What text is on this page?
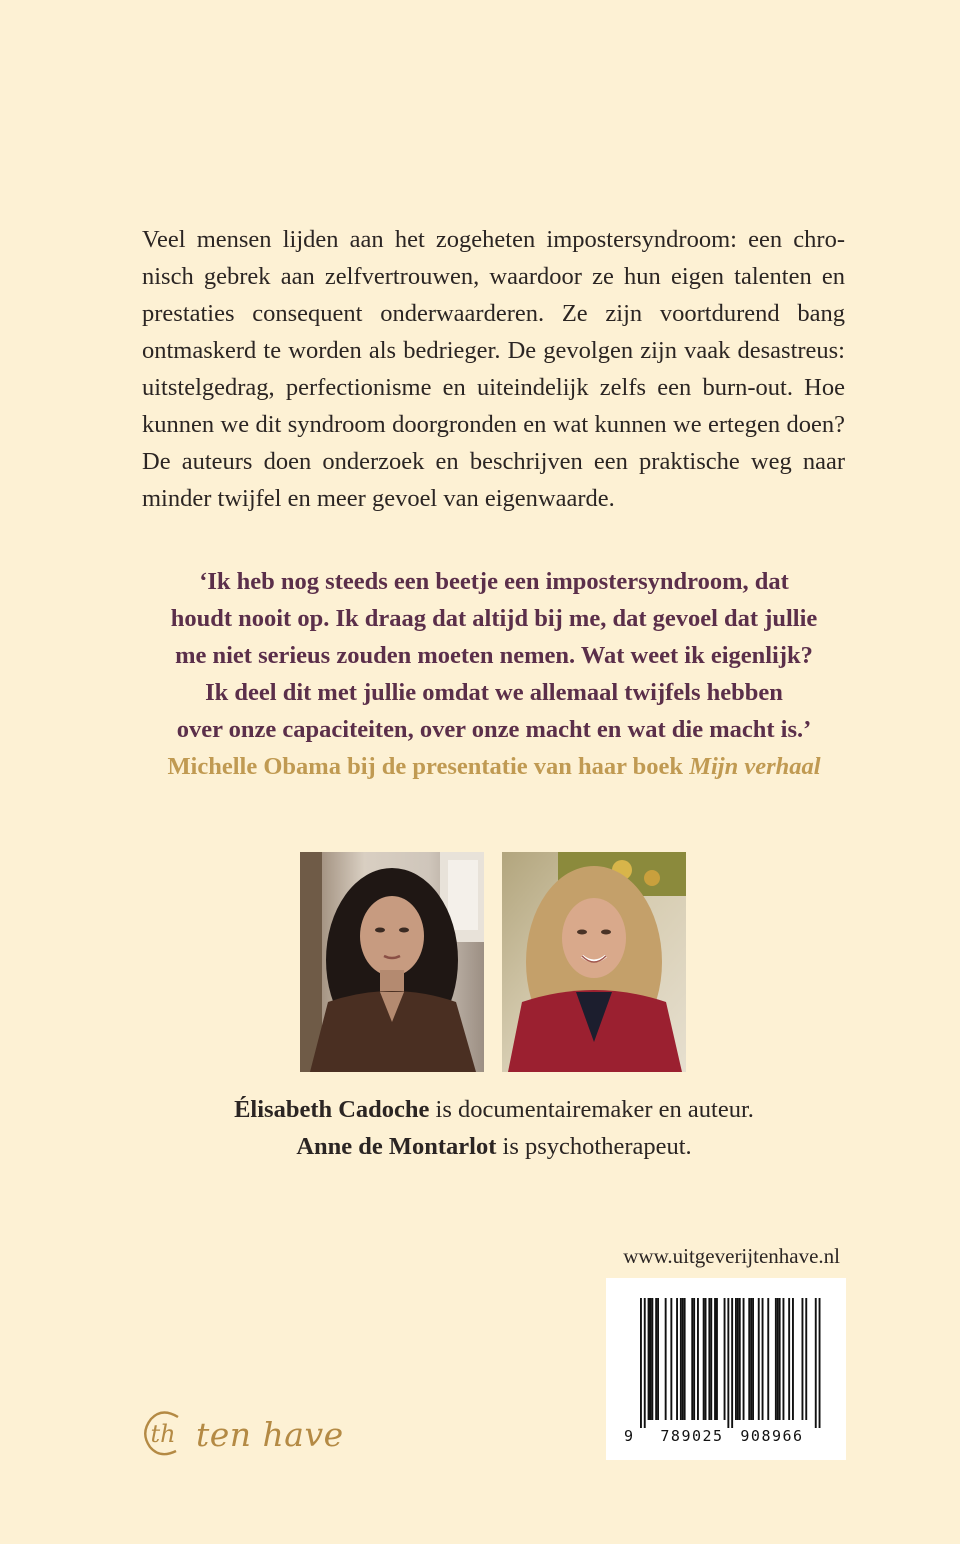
Veel mensen lijden aan het zogeheten impostersyndroom: een chronisch gebrek aan zelfvertrouwen, waardoor ze hun eigen talenten en prestaties consequent onderwaarderen. Ze zijn voortdurend bang ontmaskerd te worden als bedrieger. De gevolgen zijn vaak desastreus: uitstelgedrag, perfectionisme en uiteindelijk zelfs een burn-out. Hoe kunnen we dit syndroom doorgronden en wat kunnen we ertegen doen? De auteurs doen onderzoek en beschrijven een praktische weg naar minder twijfel en meer gevoel van eigenwaarde.

‘Ik heb nog steeds een beetje een impostersyndroom, dat

houdt nooit op. Ik draag dat altijd bij me, dat gevoel dat jullie

me niet serieus zouden moeten nemen. Wat weet ik eigenlijk?

Ik deel dit met jullie omdat we allemaal twijfels hebben

over onze capaciteiten, over onze macht en wat die macht is.’

Michelle Obama bij de presentatie van haar boek Mijn verhaal

Élisabeth Cadoche is documentairemaker en auteur.

Anne de Montarlot is psychotherapeut.

www.uitgeverijtenhave.nl
9 789025 908966
th ten have
